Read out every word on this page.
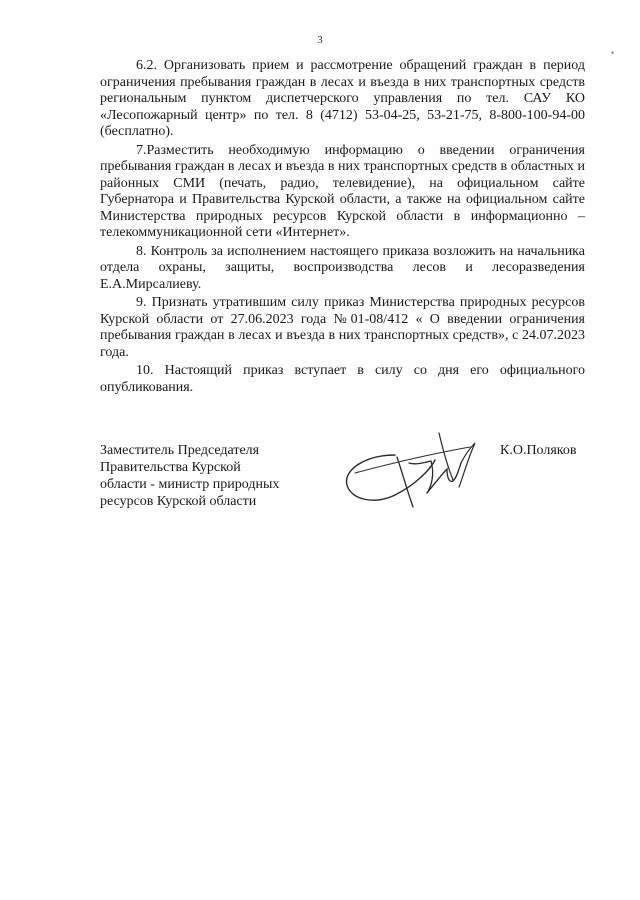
3
•

6.2. Организовать прием и рассмотрение обращений граждан в период ограничения пребывания граждан в лесах и въезда в них транспортных средств региональным пунктом диспетчерского управления по тел. САУ КО «Лесопожарный центр» по тел. 8 (4712) 53-04-25, 53-21-75, 8-800-100-94-00 (бесплатно).

7.Разместить необходимую информацию о введении ограничения пребывания граждан в лесах и въезда в них транспортных средств в областных и районных СМИ (печать, радио, телевидение), на официальном сайте Губернатора и Правительства Курской области, а также на официальном сайте Министерства природных ресурсов Курской области в информационно – телекоммуникационной сети «Интернет».

8. Контроль за исполнением настоящего приказа возложить на начальника отдела охраны, защиты, воспроизводства лесов и лесоразведения Е.А.Мирсалиеву.

9. Признать утратившим силу приказ Министерства природных ресурсов Курской области от 27.06.2023 года №01-08/412 « О введении ограничения пребывания граждан в лесах и въезда в них транспортных средств», с 24.07.2023 года.

10. Настоящий приказ вступает в силу со дня его официального опубликования.

Заместитель Председателя
Правительства Курской
области - министр природных
ресурсов Курской области
К.О.Поляков
